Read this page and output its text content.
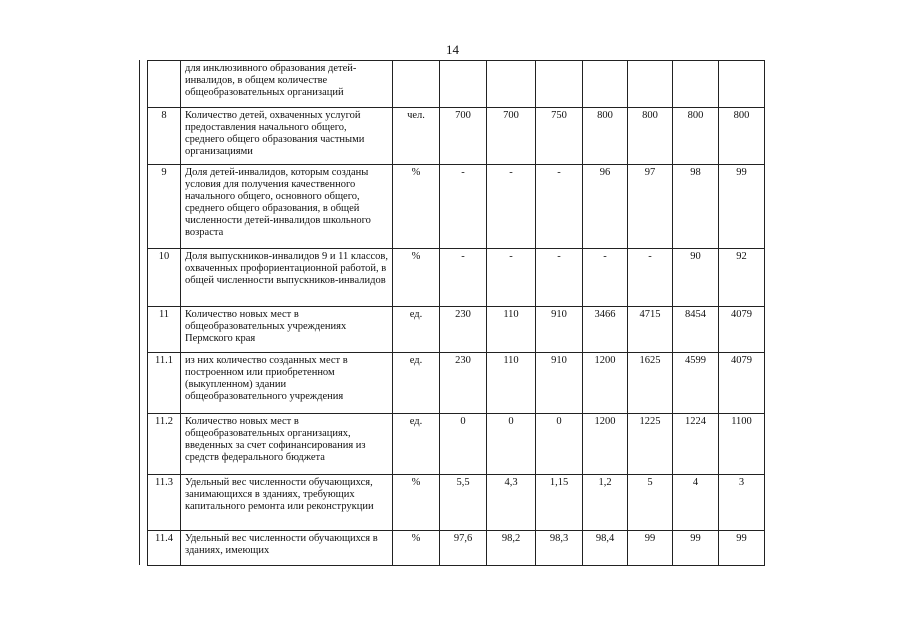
14
	для инклюзивного образования детей-инвалидов, в общем количестве общеобразовательных организаций								
8	Количество детей, охваченных услугой предоставления начального общего, среднего общего образования частными организациями	чел.	700	700	750	800	800	800	800
9	Доля детей-инвалидов, которым созданы условия для получения качественного начального общего, основного общего, среднего общего образования, в общей численности детей-инвалидов школьного возраста	%	-	-	-	96	97	98	99
10	Доля выпускников-инвалидов 9 и 11 классов, охваченных профориентационной работой, в общей численности выпускников-инвалидов	%	-	-	-	-	-	90	92
11	Количество новых мест в общеобразовательных учреждениях Пермского края	ед.	230	110	910	3466	4715	8454	4079
11.1	из них количество созданных мест в построенном или приобретенном (выкупленном) здании общеобразовательного учреждения	ед.	230	110	910	1200	1625	4599	4079
11.2	Количество новых мест в общеобразовательных организациях, введенных за счет софинансирования из средств федерального бюджета	ед.	0	0	0	1200	1225	1224	1100
11.3	Удельный вес численности обучающихся, занимающихся в зданиях, требующих капитального ремонта или реконструкции	%	5,5	4,3	1,15	1,2	5	4	3
11.4	Удельный вес численности обучающихся в зданиях, имеющих	%	97,6	98,2	98,3	98,4	99	99	99
